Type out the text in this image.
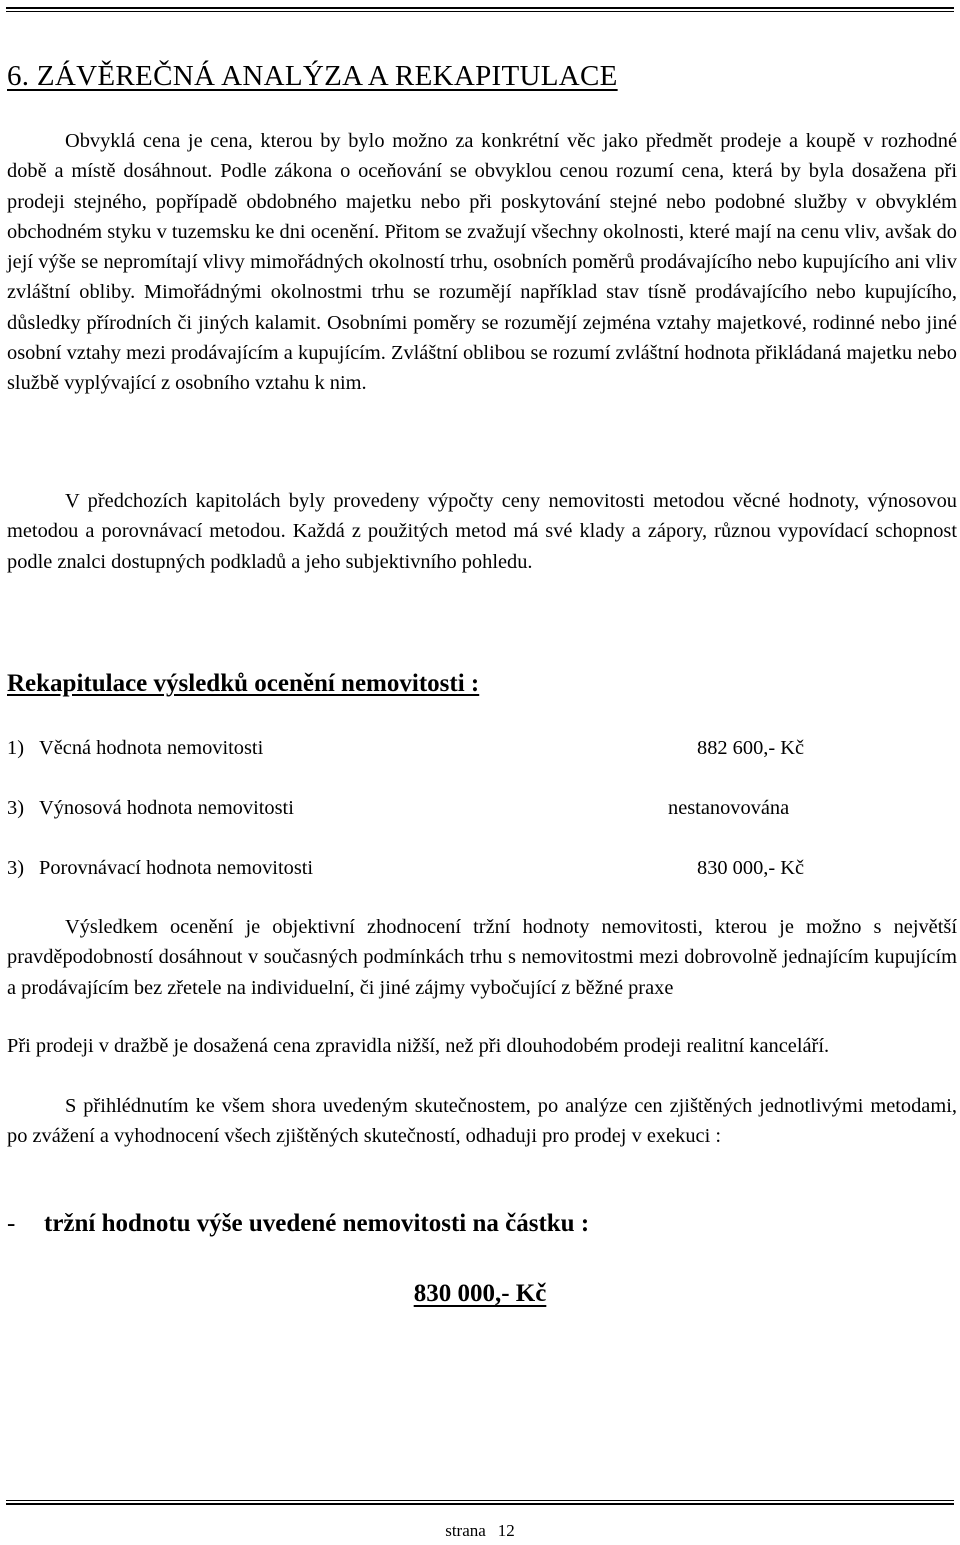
6. ZÁVĚREČNÁ ANALÝZA A REKAPITULACE

Obvyklá cena je cena, kterou by bylo možno za konkrétní věc jako předmět prodeje a koupě v rozhodné době a místě dosáhnout. Podle zákona o oceňování se obvyklou cenou rozumí cena, která by byla dosažena při prodeji stejného, popřípadě obdobného majetku nebo při poskytování stejné nebo podobné služby v obvyklém obchodném styku v tuzemsku ke dni ocenění. Přitom se zvažují všechny okolnosti, které mají na cenu vliv, avšak do její výše se nepromítají vlivy mimořádných okolností trhu, osobních poměrů prodávajícího nebo kupujícího ani vliv zvláštní obliby. Mimořádnými okolnostmi trhu se rozumějí například stav tísně prodávajícího nebo kupujícího, důsledky přírodních či jiných kalamit. Osobními poměry se rozumějí zejména vztahy majetkové, rodinné nebo jiné osobní vztahy mezi prodávajícím a kupujícím. Zvláštní oblibou se rozumí zvláštní hodnota přikládaná majetku nebo službě vyplývající z osobního vztahu k nim.

V předchozích kapitolách byly provedeny výpočty ceny nemovitosti metodou věcné hodnoty, výnosovou metodou a porovnávací metodou. Každá z použitých metod má své klady a zápory, různou vypovídací schopnost podle znalci dostupných podkladů a jeho subjektivního pohledu.

Rekapitulace výsledků ocenění nemovitosti :
1) Věcná hodnota nemovitosti	882 600,- Kč
3) Výnosová hodnota nemovitosti	nestanovována
3) Porovnávací hodnota nemovitosti	830 000,- Kč

Výsledkem ocenění je objektivní zhodnocení tržní hodnoty nemovitosti, kterou je možno s největší pravděpodobností dosáhnout v současných podmínkách trhu s nemovitostmi mezi dobrovolně jednajícím kupujícím a prodávajícím bez zřetele na individuelní, či jiné zájmy vybočující z běžné praxe

Při prodeji v dražbě je dosažená cena zpravidla nižší, než při dlouhodobém prodeji realitní kanceláří.

S přihlédnutím ke všem shora uvedeným skutečnostem, po analýze cen zjištěných jednotlivými metodami, po zvážení a vyhodnocení všech zjištěných skutečností, odhaduji pro prodej v exekuci :

- tržní hodnotu výše uvedené nemovitosti na částku :
830 000,- Kč
strana 12
